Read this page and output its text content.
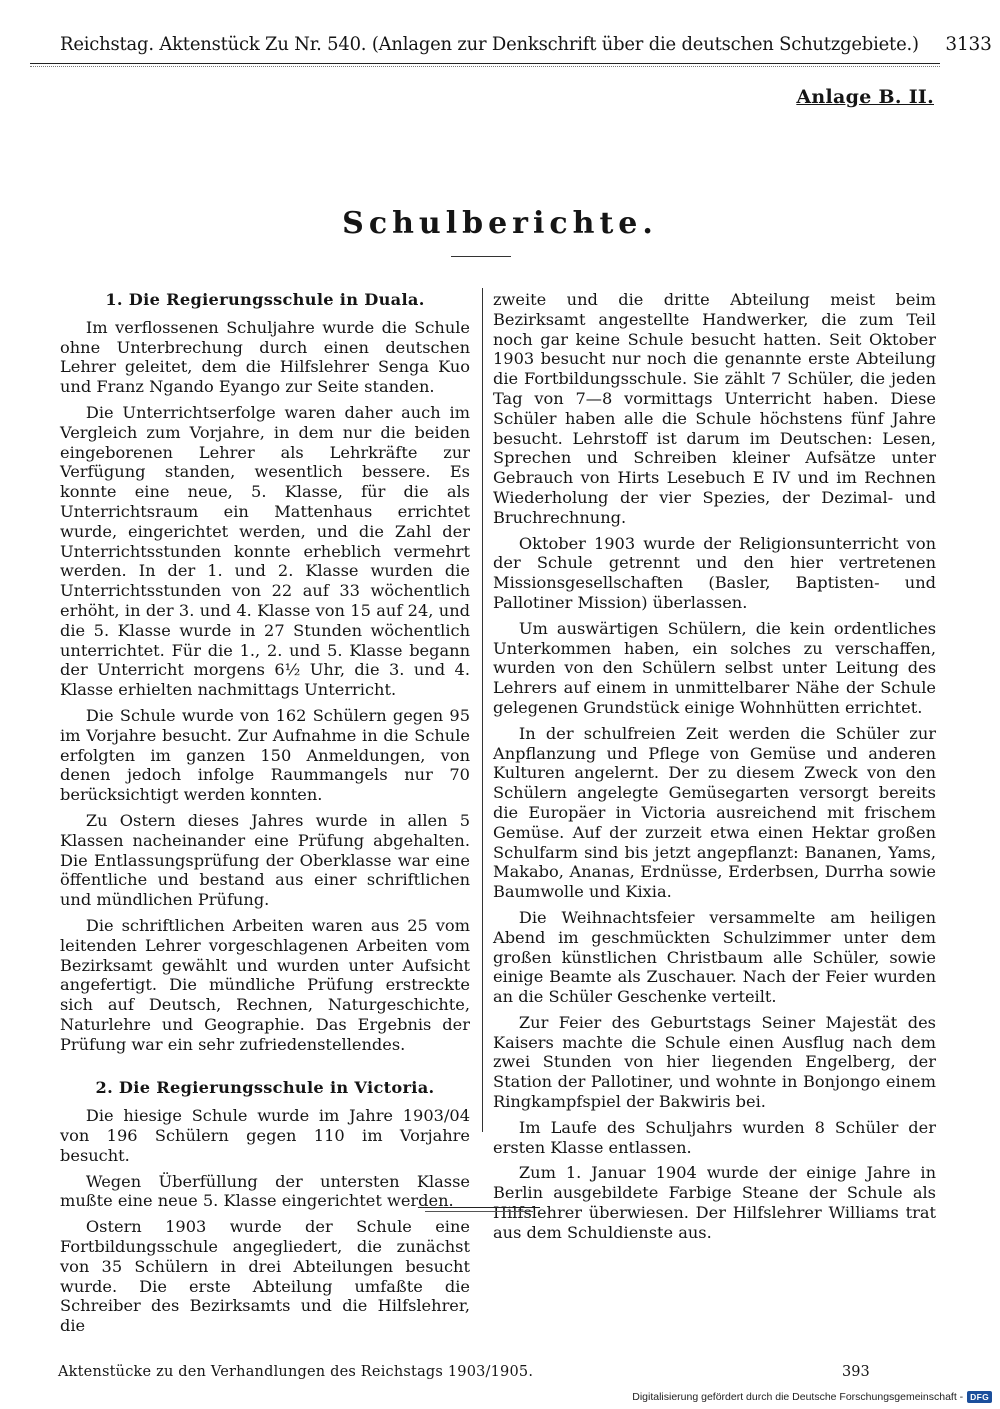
Reichstag. Aktenstück Zu Nr. 540. (Anlagen zur Denkschrift über die deutschen Schutzgebiete.) 3133
Anlage B. II.
Schulberichte.
1. Die Regierungsschule in Duala.

Im verflossenen Schuljahre wurde die Schule ohne Unterbrechung durch einen deutschen Lehrer geleitet, dem die Hilfslehrer Senga Kuo und Franz Ngando Eyango zur Seite standen.

Die Unterrichtserfolge waren daher auch im Vergleich zum Vorjahre, in dem nur die beiden eingeborenen Lehrer als Lehrkräfte zur Verfügung standen, wesentlich bessere. Es konnte eine neue, 5. Klasse, für die als Unterrichtsraum ein Mattenhaus errichtet wurde, eingerichtet werden, und die Zahl der Unterrichtsstunden konnte erheblich vermehrt werden. In der 1. und 2. Klasse wurden die Unterrichtsstunden von 22 auf 33 wöchentlich erhöht, in der 3. und 4. Klasse von 15 auf 24, und die 5. Klasse wurde in 27 Stunden wöchentlich unterrichtet. Für die 1., 2. und 5. Klasse begann der Unterricht morgens 6½ Uhr, die 3. und 4. Klasse erhielten nachmittags Unterricht.

Die Schule wurde von 162 Schülern gegen 95 im Vorjahre besucht. Zur Aufnahme in die Schule erfolgten im ganzen 150 Anmeldungen, von denen jedoch infolge Raummangels nur 70 berücksichtigt werden konnten.

Zu Ostern dieses Jahres wurde in allen 5 Klassen nacheinander eine Prüfung abgehalten. Die Entlassungsprüfung der Oberklasse war eine öffentliche und bestand aus einer schriftlichen und mündlichen Prüfung.

Die schriftlichen Arbeiten waren aus 25 vom leitenden Lehrer vorgeschlagenen Arbeiten vom Bezirksamt gewählt und wurden unter Aufsicht angefertigt. Die mündliche Prüfung erstreckte sich auf Deutsch, Rechnen, Naturgeschichte, Naturlehre und Geographie. Das Ergebnis der Prüfung war ein sehr zufriedenstellendes.

2. Die Regierungsschule in Victoria.

Die hiesige Schule wurde im Jahre 1903/04 von 196 Schülern gegen 110 im Vorjahre besucht.

Wegen Überfüllung der untersten Klasse mußte eine neue 5. Klasse eingerichtet werden.

Ostern 1903 wurde der Schule eine Fortbildungsschule angegliedert, die zunächst von 35 Schülern in drei Abteilungen besucht wurde. Die erste Abteilung umfaßte die Schreiber des Bezirksamts und die Hilfslehrer, die

zweite und die dritte Abteilung meist beim Bezirksamt angestellte Handwerker, die zum Teil noch gar keine Schule besucht hatten. Seit Oktober 1903 besucht nur noch die genannte erste Abteilung die Fortbildungsschule. Sie zählt 7 Schüler, die jeden Tag von 7—8 vormittags Unterricht haben. Diese Schüler haben alle die Schule höchstens fünf Jahre besucht. Lehrstoff ist darum im Deutschen: Lesen, Sprechen und Schreiben kleiner Aufsätze unter Gebrauch von Hirts Lesebuch E IV und im Rechnen Wiederholung der vier Spezies, der Dezimal- und Bruchrechnung.

Oktober 1903 wurde der Religionsunterricht von der Schule getrennt und den hier vertretenen Missionsgesellschaften (Basler, Baptisten- und Pallotiner Mission) überlassen.

Um auswärtigen Schülern, die kein ordentliches Unterkommen haben, ein solches zu verschaffen, wurden von den Schülern selbst unter Leitung des Lehrers auf einem in unmittelbarer Nähe der Schule gelegenen Grundstück einige Wohnhütten errichtet.

In der schulfreien Zeit werden die Schüler zur Anpflanzung und Pflege von Gemüse und anderen Kulturen angelernt. Der zu diesem Zweck von den Schülern angelegte Gemüsegarten versorgt bereits die Europäer in Victoria ausreichend mit frischem Gemüse. Auf der zurzeit etwa einen Hektar großen Schulfarm sind bis jetzt angepflanzt: Bananen, Yams, Makabo, Ananas, Erdnüsse, Erderbsen, Durrha sowie Baumwolle und Kixia.

Die Weihnachtsfeier versammelte am heiligen Abend im geschmückten Schulzimmer unter dem großen künstlichen Christbaum alle Schüler, sowie einige Beamte als Zuschauer. Nach der Feier wurden an die Schüler Geschenke verteilt.

Zur Feier des Geburtstags Seiner Majestät des Kaisers machte die Schule einen Ausflug nach dem zwei Stunden von hier liegenden Engelberg, der Station der Pallotiner, und wohnte in Bonjongo einem Ringkampfspiel der Bakwiris bei.

Im Laufe des Schuljahrs wurden 8 Schüler der ersten Klasse entlassen.

Zum 1. Januar 1904 wurde der einige Jahre in Berlin ausgebildete Farbige Steane der Schule als Hilfslehrer überwiesen. Der Hilfslehrer Williams trat aus dem Schuldienste aus.

Aktenstücke zu den Verhandlungen des Reichstags 1903/1905.	393
Digitalisierung gefördert durch die Deutsche Forschungsgemeinschaft - DFG
